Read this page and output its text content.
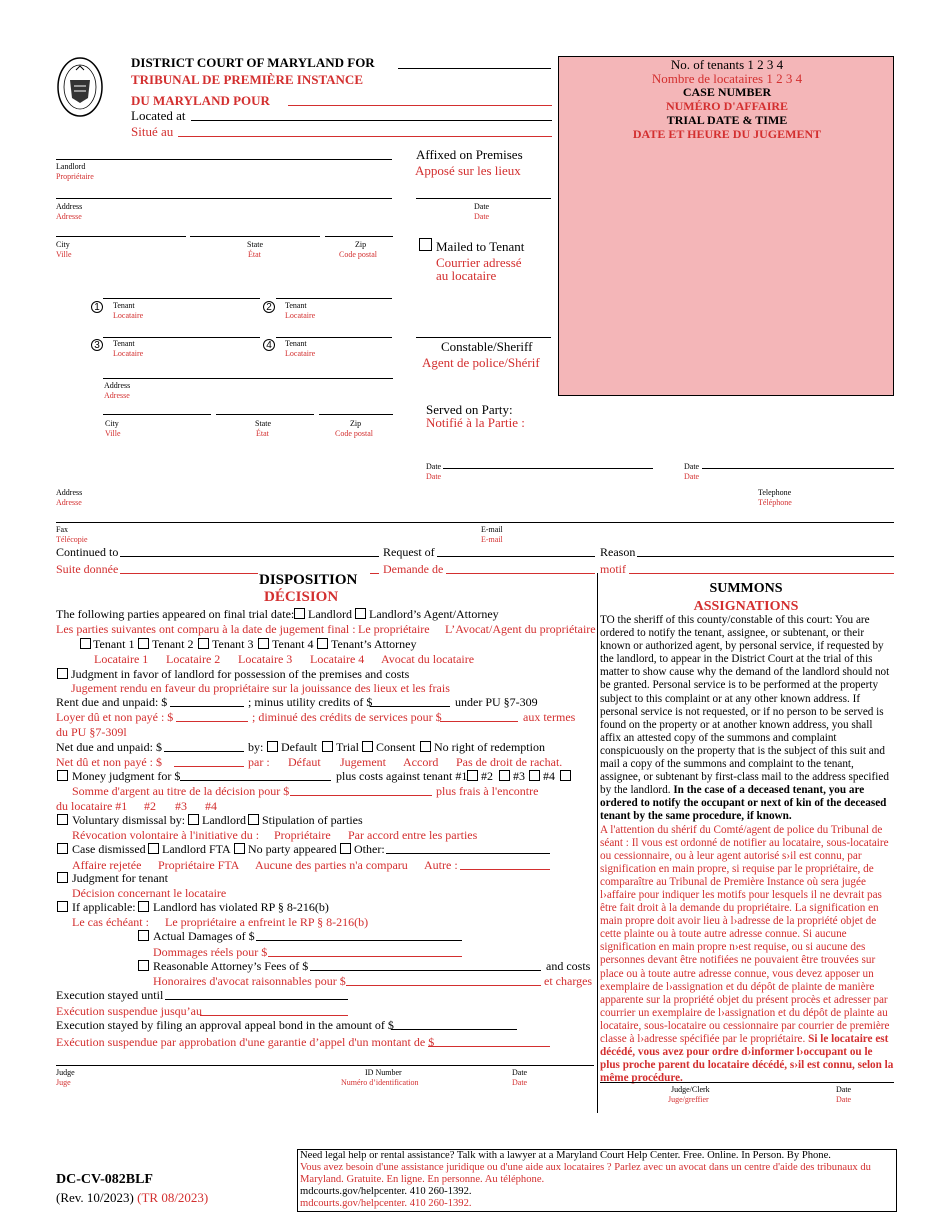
DISTRICT COURT OF MARYLAND FOR
TRIBUNAL DE PREMIÈRE INSTANCE
DU MARYLAND POUR
Located at
Situé au
No. of tenants 1 2 3 4
Nombre de locataires 1 2 3 4
CASE NUMBER
NUMÉRO D'AFFAIRE
TRIAL DATE & TIME
DATE ET HEURE DU JUGEMENT
Landlord
Propriétaire
Address
Adresse
City
Ville
State
État
Zip
Code postal
1	Tenant
Locataire
2	Tenant
Locataire
3	Tenant
Locataire
4	Tenant
Locataire
Address
Adresse
City
Ville
State
État
Zip
Code postal
Affixed on Premises
Apposé sur les lieux
Date
Date
Mailed to Tenant
Courrier adressé
au locataire
Constable/Sheriff
Agent de police/Shérif
Served on Party:
Notifié à la Partie :
Date
Date
Date
Date
Address
Adresse
Telephone
Téléphone
Fax
Télécopie
E-mail
E-mail
Continued to	Request of	Reason
Suite donnée	Demande de	motif
DISPOSITION
DÉCISION
The following parties appeared on final trial date: Landlord Landlord’s Agent/Attorney
Les parties suivantes ont comparu à la date de jugement final : Le propriétaire L’Avocat/Agent du propriétaire
Tenant 1 Tenant 2 Tenant 3 Tenant 4 Tenant’s Attorney
Locataire 1 Locataire 2 Locataire 3 Locataire 4 Avocat du locataire
Judgment in favor of landlord for possession of the premises and costs
Jugement rendu en faveur du propriétaire sur la jouissance des lieux et les frais
Rent due and unpaid: $	; minus utility credits of $	under PU §7-309
Loyer dû et non payé : $	; diminué des crédits de services pour $	aux termes
du PU §7-309l
Net due and unpaid: $	by: Default Trial Consent No right of redemption
Net dû et non payé : $	par : Défaut Jugement Accord Pas de droit de rachat.
Money judgment for $	plus costs against tenant #1 #2 #3 #4
Somme d'argent au titre de la décision pour $	plus frais à l'encontre
du locataire #1 #2 #3 #4
Voluntary dismissal by: Landlord Stipulation of parties
Révocation volontaire à l'initiative du : Propriétaire Par accord entre les parties
Case dismissed Landlord FTA No party appeared Other:
Affaire rejetée Propriétaire FTA Aucune des parties n'a comparu Autre :
Judgment for tenant
Décision concernant le locataire
If applicable: Landlord has violated RP § 8-216(b)
Le cas échéant : Le propriétaire a enfreint le RP § 8-216(b)
Actual Damages of $
Dommages réels pour $
Reasonable Attorney’s Fees of $	and costs
Honoraires d'avocat raisonnables pour $	et charges
Execution stayed until
Exécution suspendue jusqu’au
Execution stayed by filing an approval appeal bond in the amount of $
Exécution suspendue par approbation d'une garantie d’appel d'un montant de $
Judge
Juge
ID Number
Numéro d’identification
Date
Date
SUMMONS
ASSIGNATIONS
TO the sheriff of this county/constable of this court: You are ordered to notify the tenant, assignee, or subtenant, or their known or authorized agent, by personal service, if requested by the landlord, to appear in the District Court at the trial of this matter to show cause why the demand of the landlord should not be granted. Personal service is to be performed at the property subject to this complaint or at any other known address. If personal service is not requested, or if no person to be served is found on the property or at another known address, you shall affix an attested copy of the summons and complaint conspicuously on the property that is the subject of this suit and mail a copy of the summons and complaint to the tenant, assignee, or subtenant by first-class mail to the address specified by the landlord. In the case of a deceased tenant, you are ordered to notify the occupant or next of kin of the deceased tenant by the same procedure, if known.
A l'attention du shérif du Comté/agent de police du Tribunal de séant : Il vous est ordonné de notifier au locataire, sous-locataire ou cessionnaire, ou à leur agent autorisé s›il est connu, par signification en main propre, si requise par le propriétaire, de comparaître au Tribunal de Première Instance où sera jugée l›affaire pour indiquer les motifs pour lesquels il ne devrait pas être fait droit à la demande du propriétaire. La signification en main propre doit avoir lieu à l›adresse de la propriété objet de cette plainte ou à toute autre adresse connue. Si aucune signification en main propre n›est requise, ou si aucune des personnes devant être notifiées ne pouvaient être trouvées sur place ou à toute autre adresse connue, vous devez apposer un exemplaire de l›assignation et du dépôt de plainte de manière apparente sur la propriété objet du présent procès et adresser par courrier un exemplaire de l›assignation et du dépôt de plainte au locataire, sous-locataire ou cessionnaire par courrier de première classe à l›adresse spécifiée par le propriétaire. Si le locataire est décédé, vous avez pour ordre d›informer l›occupant ou le plus proche parent du locataire décédé, s›il est connu, selon la même procédure.
Judge/Clerk
Juge/greffier
Date
Date
DC-CV-082BLF
(Rev. 10/2023) (TR 08/2023)
Need legal help or rental assistance? Talk with a lawyer at a Maryland Court Help Center. Free. Online. In Person. By Phone.
Vous avez besoin d'une assistance juridique ou d'une aide aux locataires ? Parlez avec un avocat dans un centre d'aide des tribunaux du Maryland. Gratuite. En ligne. En personne. Au téléphone.
mdcourts.gov/helpcenter. 410 260-1392.
mdcourts.gov/helpcenter. 410 260-1392.
